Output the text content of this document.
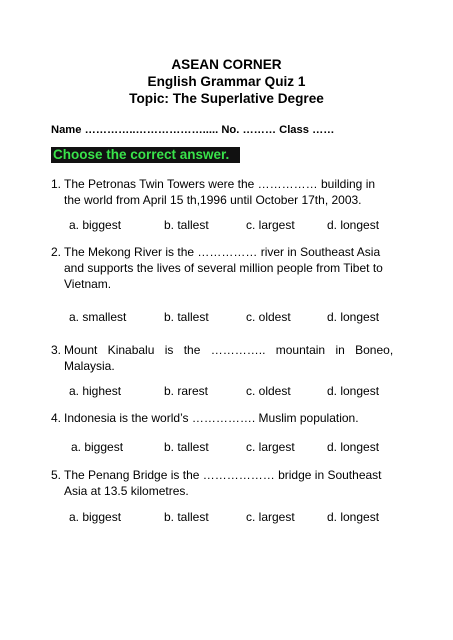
ASEAN CORNER
English Grammar Quiz 1
Topic: The Superlative Degree
Name …………..………………..... No. ……… Class ……
Choose the correct answer.
1. The Petronas Twin Towers were the …………… building in
the world from April 15 th,1996 until October 17th, 2003.
a. biggest	b. tallest	c. largest	d. longest
2. The Mekong River is the …………… river in Southeast Asia
and supports the lives of several million people from Tibet to
Vietnam.
a. smallest	b. tallest	c. oldest	d. longest
3. Mount Kinabalu is the ………….. mountain in Boneo,
Malaysia.
a. highest	b. rarest	c. oldest	d. longest
4. Indonesia is the world’s ……………. Muslim population.
a. biggest	b. tallest	c. largest	d. longest
5. The Penang Bridge is the ……………… bridge in Southeast
Asia at 13.5 kilometres.
a. biggest	b. tallest	c. largest	d. longest
